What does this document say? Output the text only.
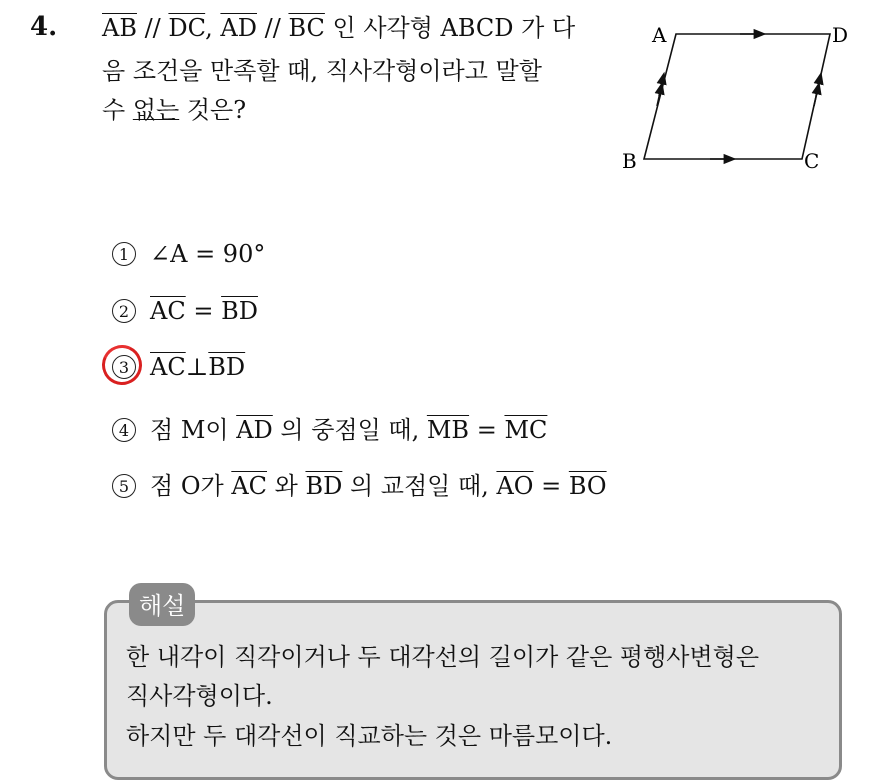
4. $\overline{AB} // \overline{DC}$, $\overline{AD} // \overline{BC}$ 인 사각형 ABCD 가 다
음 조건을 만족할 때, 직사각형이라고 말할
수 없는 것은?
A	D
B	C
1 ∠A = 90°
2 $\overline{AC} = \overline{BD}$
3 $\overline{AC}\perp\overline{BD}$
4 점 M이 $\overline{AD}$ 의 중점일 때, $\overline{MB} = \overline{MC}$
5 점 O가 $\overline{AC}$ 와 $\overline{BD}$ 의 교점일 때, $\overline{AO} = \overline{BO}$
해설
한 내각이 직각이거나 두 대각선의 길이가 같은 평행사변형은
직사각형이다.
하지만 두 대각선이 직교하는 것은 마름모이다.
